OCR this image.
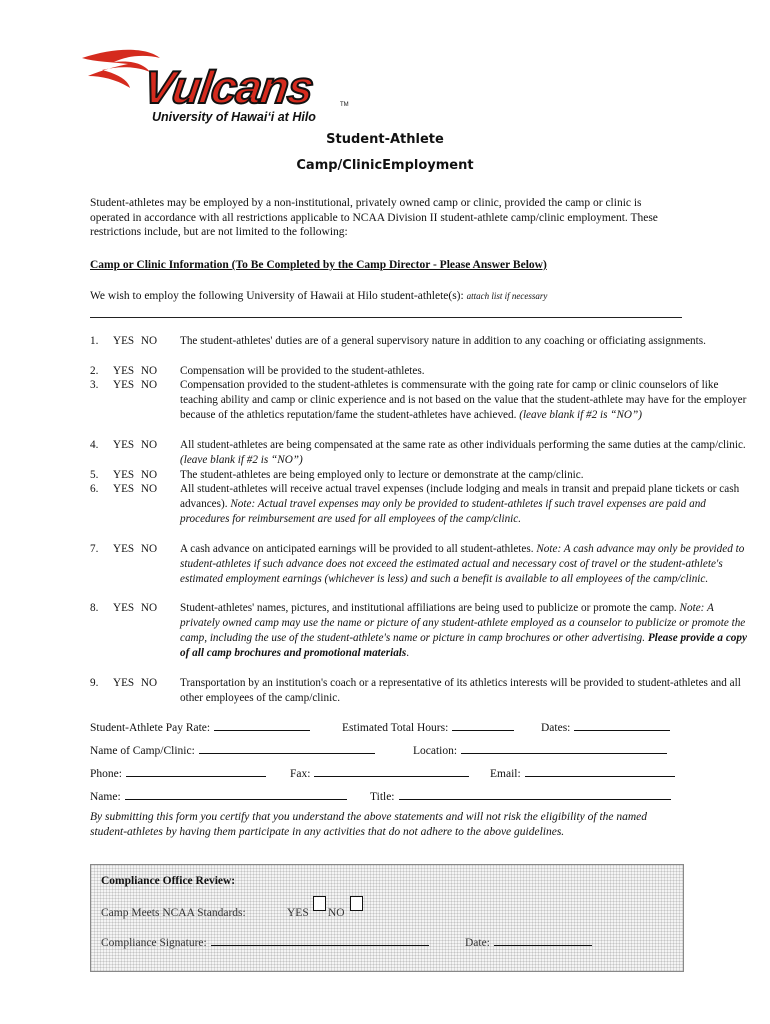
Vulcans	TM
University of Hawai‘i at Hilo
Student-Athlete
Camp/ClinicEmployment
Student-athletes may be employed by a non-institutional, privately owned camp or clinic, provided the camp or clinic is operated in accordance with all restrictions applicable to NCAA Division II student-athlete camp/clinic employment. These restrictions include, but are not limited to the following:
Camp or Clinic Information (To Be Completed by the Camp Director - Please Answer Below)
We wish to employ the following University of Hawaii at Hilo student-athlete(s): attach list if necessary
1. YES NO The student-athletes' duties are of a general supervisory nature in addition to any coaching or officiating assignments.
2. YES NO Compensation will be provided to the student-athletes.
3. YES NO Compensation provided to the student-athletes is commensurate with the going rate for camp or clinic counselors of like teaching ability and camp or clinic experience and is not based on the value that the student-athlete may have for the employer because of the athletics reputation/fame the student-athletes have achieved. (leave blank if #2 is “NO”)
4. YES NO All student-athletes are being compensated at the same rate as other individuals performing the same duties at the camp/clinic. (leave blank if #2 is “NO”)
5. YES NO The student-athletes are being employed only to lecture or demonstrate at the camp/clinic.
6. YES NO All student-athletes will receive actual travel expenses (include lodging and meals in transit and prepaid plane tickets or cash advances). Note: Actual travel expenses may only be provided to student-athletes if such travel expenses are paid and procedures for reimbursement are used for all employees of the camp/clinic.
7. YES NO A cash advance on anticipated earnings will be provided to all student-athletes. Note: A cash advance may only be provided to student-athletes if such advance does not exceed the estimated actual and necessary cost of travel or the student-athlete's estimated employment earnings (whichever is less) and such a benefit is available to all employees of the camp/clinic.
8. YES NO Student-athletes' names, pictures, and institutional affiliations are being used to publicize or promote the camp. Note: A privately owned camp may use the name or picture of any student-athlete employed as a counselor to publicize or promote the camp, including the use of the student-athlete's name or picture in camp brochures or other advertising. Please provide a copy of all camp brochures and promotional materials.
9. YES NO Transportation by an institution's coach or a representative of its athletics interests will be provided to student-athletes and all other employees of the camp/clinic.
Student-Athlete Pay Rate:	Estimated Total Hours:	Dates:
Name of Camp/Clinic:	Location:
Phone:	Fax:	Email:
Name:	Title:
By submitting this form you certify that you understand the above statements and will not risk the eligibility of the named student-athletes by having them participate in any activities that do not adhere to the above guidelines.
Compliance Office Review:
Camp Meets NCAA Standards:	YES NO
Compliance Signature:	Date:
